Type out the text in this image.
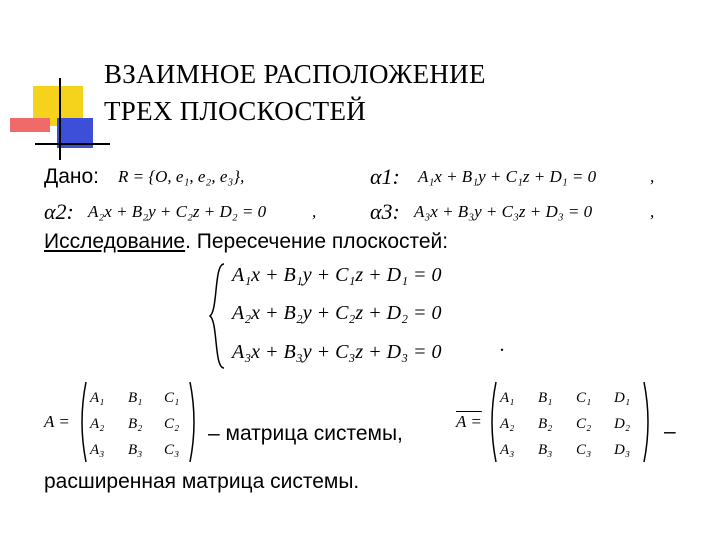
ВЗАИМНОЕ РАСПОЛОЖЕНИЕ
ТРЕХ ПЛОСКОСТЕЙ
Дано: R = {O, e₁, e₂, e₃},	α1: A₁x + B₁y + C₁z + D₁ = 0	,
α2: A₂x + B₂y + C₂z + D₂ = 0	, α3: A₃x + B₃y + C₃z + D₃ = 0	,
Исследование. Пересечение плоскостей:
A₁x + B₁y + C₁z + D₁ = 0
A₂x + B₂y + C₂z + D₂ = 0
A₃x + B₃y + C₃z + D₃ = 0	.
A =
A₁ B₁ C₁
A₂ B₂ C₂
A₃ B₃ C₃
– матрица системы,
A =
A₁ B₁ C₁ D₁
A₂ B₂ C₂ D₂
A₃ B₃ C₃ D₃
–
расширенная матрица системы.
